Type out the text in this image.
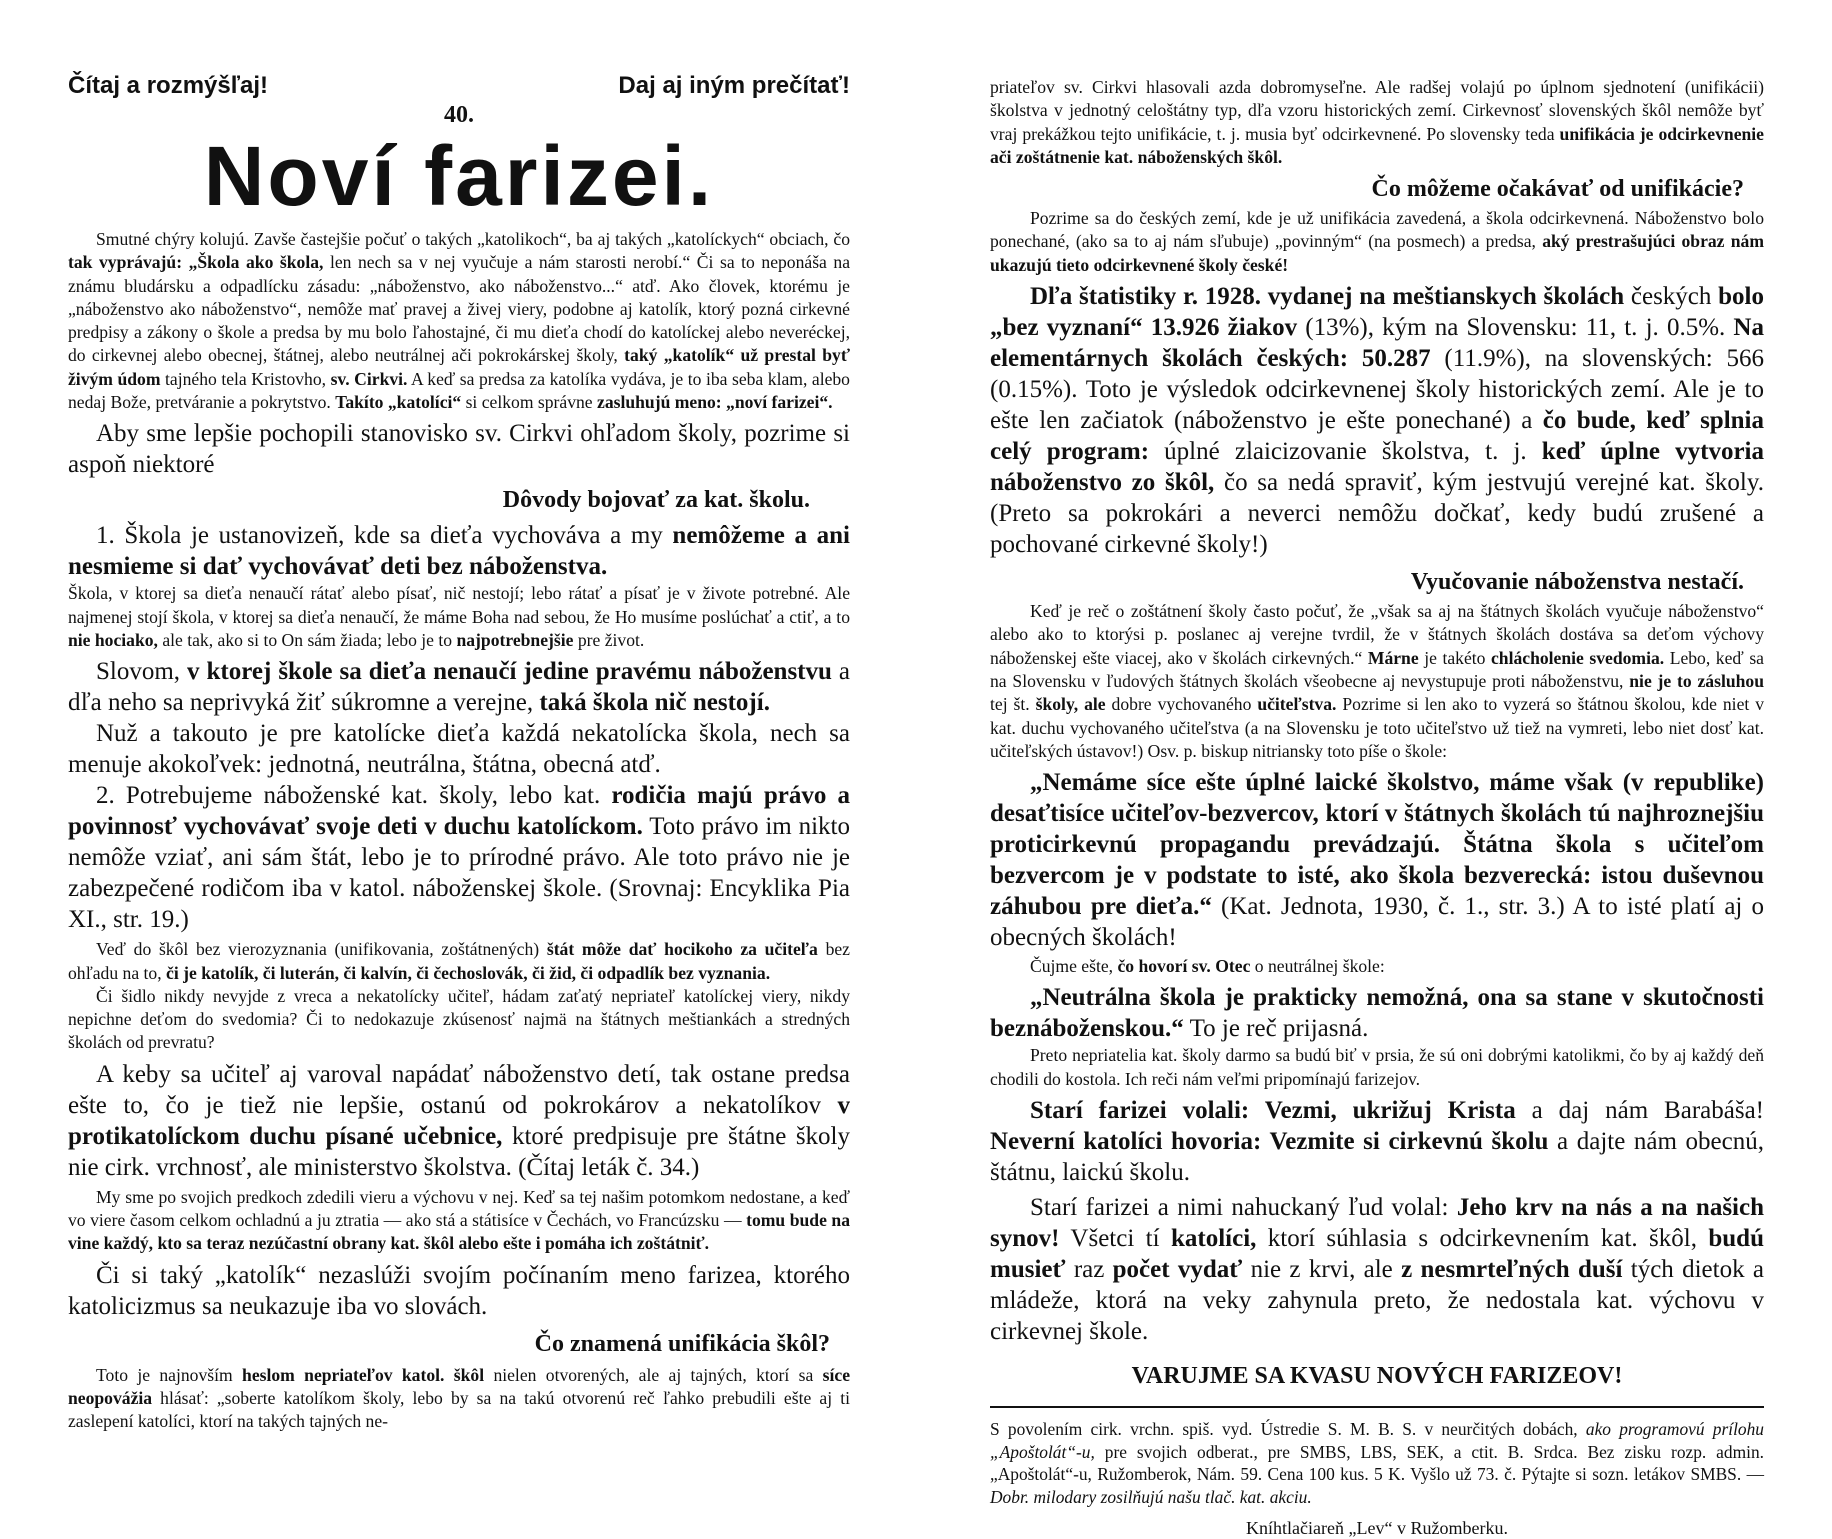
Čítaj a rozmýšľaj!
40.
Daj aj iným prečítať!
Noví farizei.

Smutné chýry kolujú. Zavše častejšie počuť o takých „katolikoch“, ba aj takých „katolíckych“ obciach, čo tak vyprávajú: „Škola ako škola, len nech sa v nej vyučuje a nám starosti nerobí.“ Či sa to neponáša na známu bludársku a odpadlícku zásadu: „náboženstvo, ako náboženstvo...“ atď. Ako človek, ktorému je „náboženstvo ako náboženstvo“, nemôže mať pravej a živej viery, podobne aj katolík, ktorý pozná cirkevné predpisy a zákony o škole a predsa by mu bolo ľahostajné, či mu dieťa chodí do katolíckej alebo neveréckej, do cirkevnej alebo obecnej, štátnej, alebo neutrálnej ači pokrokárskej školy, taký „katolík“ už prestal byť živým údom tajného tela Kristovho, sv. Cirkvi. A keď sa predsa za katolíka vydáva, je to iba seba klam, alebo nedaj Bože, pretváranie a pokrytstvo. Takíto „katolíci“ si celkom správne zasluhujú meno: „noví farizei“.

Aby sme lepšie pochopili stanovisko sv. Cirkvi ohľadom školy, pozrime si aspoň niektoré

Dôvody bojovať za kat. školu.

1. Škola je ustanovizeň, kde sa dieťa vychováva a my nemôžeme a ani nesmieme si dať vychovávať deti bez náboženstva.

Škola, v ktorej sa dieťa nenaučí rátať alebo písať, nič nestojí; lebo rátať a písať je v živote potrebné. Ale najmenej stojí škola, v ktorej sa dieťa nenaučí, že máme Boha nad sebou, že Ho musíme poslúchať a ctiť, a to nie hociako, ale tak, ako si to On sám žiada; lebo je to najpotrebnejšie pre život.

Slovom, v ktorej škole sa dieťa nenaučí jedine pravému náboženstvu a dľa neho sa neprivyká žiť súkromne a verejne, taká škola nič nestojí.

Nuž a takouto je pre katolícke dieťa každá nekatolícka škola, nech sa menuje akokoľvek: jednotná, neutrálna, štátna, obecná atď.

2. Potrebujeme náboženské kat. školy, lebo kat. rodičia majú právo a povinnosť vychovávať svoje deti v duchu katolíckom. Toto právo im nikto nemôže vziať, ani sám štát, lebo je to prírodné právo. Ale toto právo nie je zabezpečené rodičom iba v katol. náboženskej škole. (Srovnaj: Encyklika Pia XI., str. 19.)

Veď do škôl bez vierozyznania (unifikovania, zoštátnených) štát môže dať hocikoho za učiteľa bez ohľadu na to, či je katolík, či luterán, či kalvín, či čechoslovák, či žid, či odpadlík bez vyznania.

Či šidlo nikdy nevyjde z vreca a nekatolícky učiteľ, hádam zaťatý nepriateľ katolíckej viery, nikdy nepichne deťom do svedomia? Či to nedokazuje zkúsenosť najmä na štátnych meštiankách a stredných školách od prevratu?

A keby sa učiteľ aj varoval napádať náboženstvo detí, tak ostane predsa ešte to, čo je tiež nie lepšie, ostanú od pokrokárov a nekatolíkov v protikatolíckom duchu písané učebnice, ktoré predpisuje pre štátne školy nie cirk. vrchnosť, ale ministerstvo školstva. (Čítaj leták č. 34.)

My sme po svojich predkoch zdedili vieru a výchovu v nej. Keď sa tej našim potomkom nedostane, a keď vo viere časom celkom ochladnú a ju ztratia — ako stá a státisíce v Čechách, vo Francúzsku — tomu bude na vine každý, kto sa teraz nezúčastní obrany kat. škôl alebo ešte i pomáha ich zoštátniť.

Či si taký „katolík“ nezaslúži svojím počínaním meno farizea, ktorého katolicizmus sa neukazuje iba vo slovách.

Čo znamená unifikácia škôl?

Toto je najnovším heslom nepriateľov katol. škôl nielen otvorených, ale aj tajných, ktorí sa síce neopovážia hlásať: „soberte katolíkom školy, lebo by sa na takú otvorenú reč ľahko prebudili ešte aj ti zaslepení katolíci, ktorí na takých tajných ne-

priateľov sv. Cirkvi hlasovali azda dobromyseľne. Ale radšej volajú po úplnom sjednotení (unifikácii) školstva v jednotný celoštátny typ, dľa vzoru historických zemí. Cirkevnosť slovenských škôl nemôže byť vraj prekážkou tejto unifikácie, t. j. musia byť odcirkevnené. Po slovensky teda unifikácia je odcirkevnenie ači zoštátnenie kat. náboženských škôl.

Čo môžeme očakávať od unifikácie?

Pozrime sa do českých zemí, kde je už unifikácia zavedená, a škola odcirkevnená. Náboženstvo bolo ponechané, (ako sa to aj nám sľubuje) „povinným“ (na posmech) a predsa, aký prestrašujúci obraz nám ukazujú tieto odcirkevnené školy české!

Dľa štatistiky r. 1928. vydanej na meštianskych školách českých bolo „bez vyznaní“ 13.926 žiakov (13%), kým na Slovensku: 11, t. j. 0.5%. Na elementárnych školách českých: 50.287 (11.9%), na slovenských: 566 (0.15%). Toto je výsledok odcirkevnenej školy historických zemí. Ale je to ešte len začiatok (náboženstvo je ešte ponechané) a čo bude, keď splnia celý program: úplné zlaicizovanie školstva, t. j. keď úplne vytvoria náboženstvo zo škôl, čo sa nedá spraviť, kým jestvujú verejné kat. školy. (Preto sa pokrokári a neverci nemôžu dočkať, kedy budú zrušené a pochované cirkevné školy!)

Vyučovanie náboženstva nestačí.

Keď je reč o zoštátnení školy často počuť, že „však sa aj na štátnych školách vyučuje náboženstvo“ alebo ako to ktorýsi p. poslanec aj verejne tvrdil, že v štátnych školách dostáva sa deťom výchovy náboženskej ešte viacej, ako v školách cirkevných.“ Márne je takéto chlácholenie svedomia. Lebo, keď sa na Slovensku v ľudových štátnych školách všeobecne aj nevystupuje proti náboženstvu, nie je to zásluhou tej št. školy, ale dobre vychovaného učiteľstva. Pozrime si len ako to vyzerá so štátnou školou, kde niet v kat. duchu vychovaného učiteľstva (a na Slovensku je toto učiteľstvo už tiež na vymreti, lebo niet dosť kat. učiteľských ústavov!) Osv. p. biskup nitriansky toto píše o škole:

„Nemáme síce ešte úplné laické školstvo, máme však (v republike) desaťtisíce učiteľov-bezvercov, ktorí v štátnych školách tú najhroznejšiu proticirkevnú propagandu prevádzajú. Štátna škola s učiteľom bezvercom je v podstate to isté, ako škola bezverecká: istou duševnou záhubou pre dieťa.“ (Kat. Jednota, 1930, č. 1., str. 3.) A to isté platí aj o obecných školách!

Čujme ešte, čo hovorí sv. Otec o neutrálnej škole:

„Neutrálna škola je prakticky nemožná, ona sa stane v skutočnosti beznáboženskou.“ To je reč prijasná.

Preto nepriatelia kat. školy darmo sa budú biť v prsia, že sú oni dobrými katolikmi, čo by aj každý deň chodili do kostola. Ich reči nám veľmi pripomínajú farizejov.

Starí farizei volali: Vezmi, ukrižuj Krista a daj nám Barabáša! Neverní katolíci hovoria: Vezmite si cirkevnú školu a dajte nám obecnú, štátnu, laickú školu.

Starí farizei a nimi nahuckaný ľud volal: Jeho krv na nás a na našich synov! Všetci tí katolíci, ktorí súhlasia s odcirkevnením kat. škôl, budú musieť raz počet vydať nie z krvi, ale z nesmrteľných duší tých dietok a mládeže, ktorá na veky zahynula preto, že nedostala kat. výchovu v cirkevnej škole.

VARUJME SA KVASU NOVÝCH FARIZEOV!

S povolením cirk. vrchn. spiš. vyd. Ústredie S. M. B. S. v neurčitých dobách, ako programovú prílohu „Apoštolát“-u, pre svojich odberat., pre SMBS, LBS, SEK, a ctit. B. Srdca. Bez zisku rozp. admin. „Apoštolát“-u, Ružomberok, Nám. 59. Cena 100 kus. 5 K. Vyšlo už 73. č. Pýtajte si sozn. letákov SMBS. — Dobr. milodary zosilňujú našu tlač. kat. akciu.

Kníhtlačiareň „Lev“ v Ružomberku.
